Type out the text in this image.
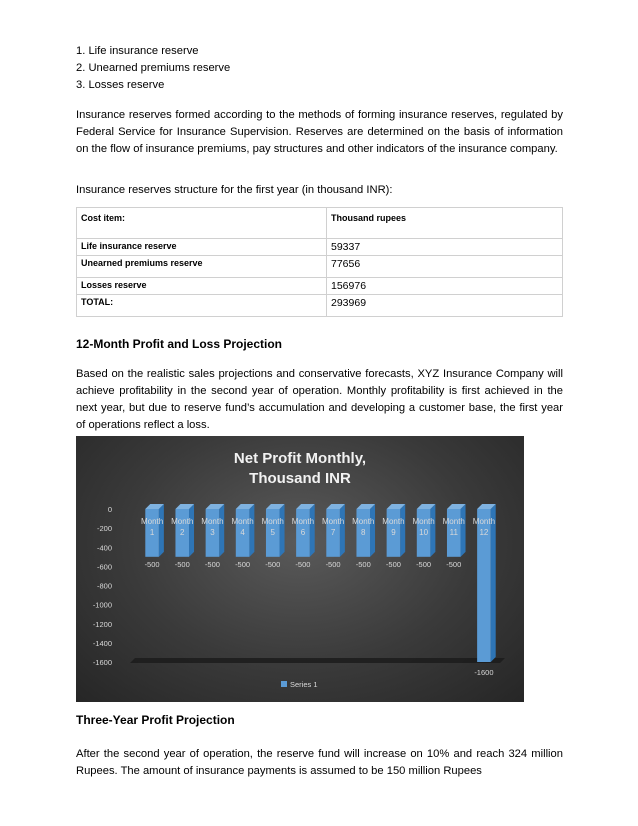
1. Life insurance reserve
2. Unearned premiums reserve
3. Losses reserve

Insurance reserves formed according to the methods of forming insurance reserves, regulated by Federal Service for Insurance Supervision. Reserves are determined on the basis of information on the flow of insurance premiums, pay structures and other indicators of the insurance company.

Insurance reserves structure for the first year (in thousand INR):

Cost item:	Thousand rupees
Life insurance reserve	59337
Unearned premiums reserve	77656
Losses reserve	156976
TOTAL:	293969
12-Month Profit and Loss Projection

Based on the realistic sales projections and conservative forecasts, XYZ Insurance Company will achieve profitability in the second year of operation. Monthly profitability is first achieved in the next year, but due to reserve fund’s accumulation and developing a customer base, the first year of operations reflect a loss.

Three-Year Profit Projection

After the second year of operation, the reserve fund will increase on 10% and reach 324 million Rupees. The amount of insurance payments is assumed to be 150 million Rupees

Net Profit Monthly,
Thousand INR
0
-200
-400
-600
-800
-1000
-1200
-1400
-1600
Month
1
-500
Month
2
-500
Month
3
-500
Month
4
-500
Month
5
-500
Month
6
-500
Month
7
-500
Month
8
-500
Month
9
-500
Month
10
-500
Month
11
-500
Month
12
-1600
Series 1
